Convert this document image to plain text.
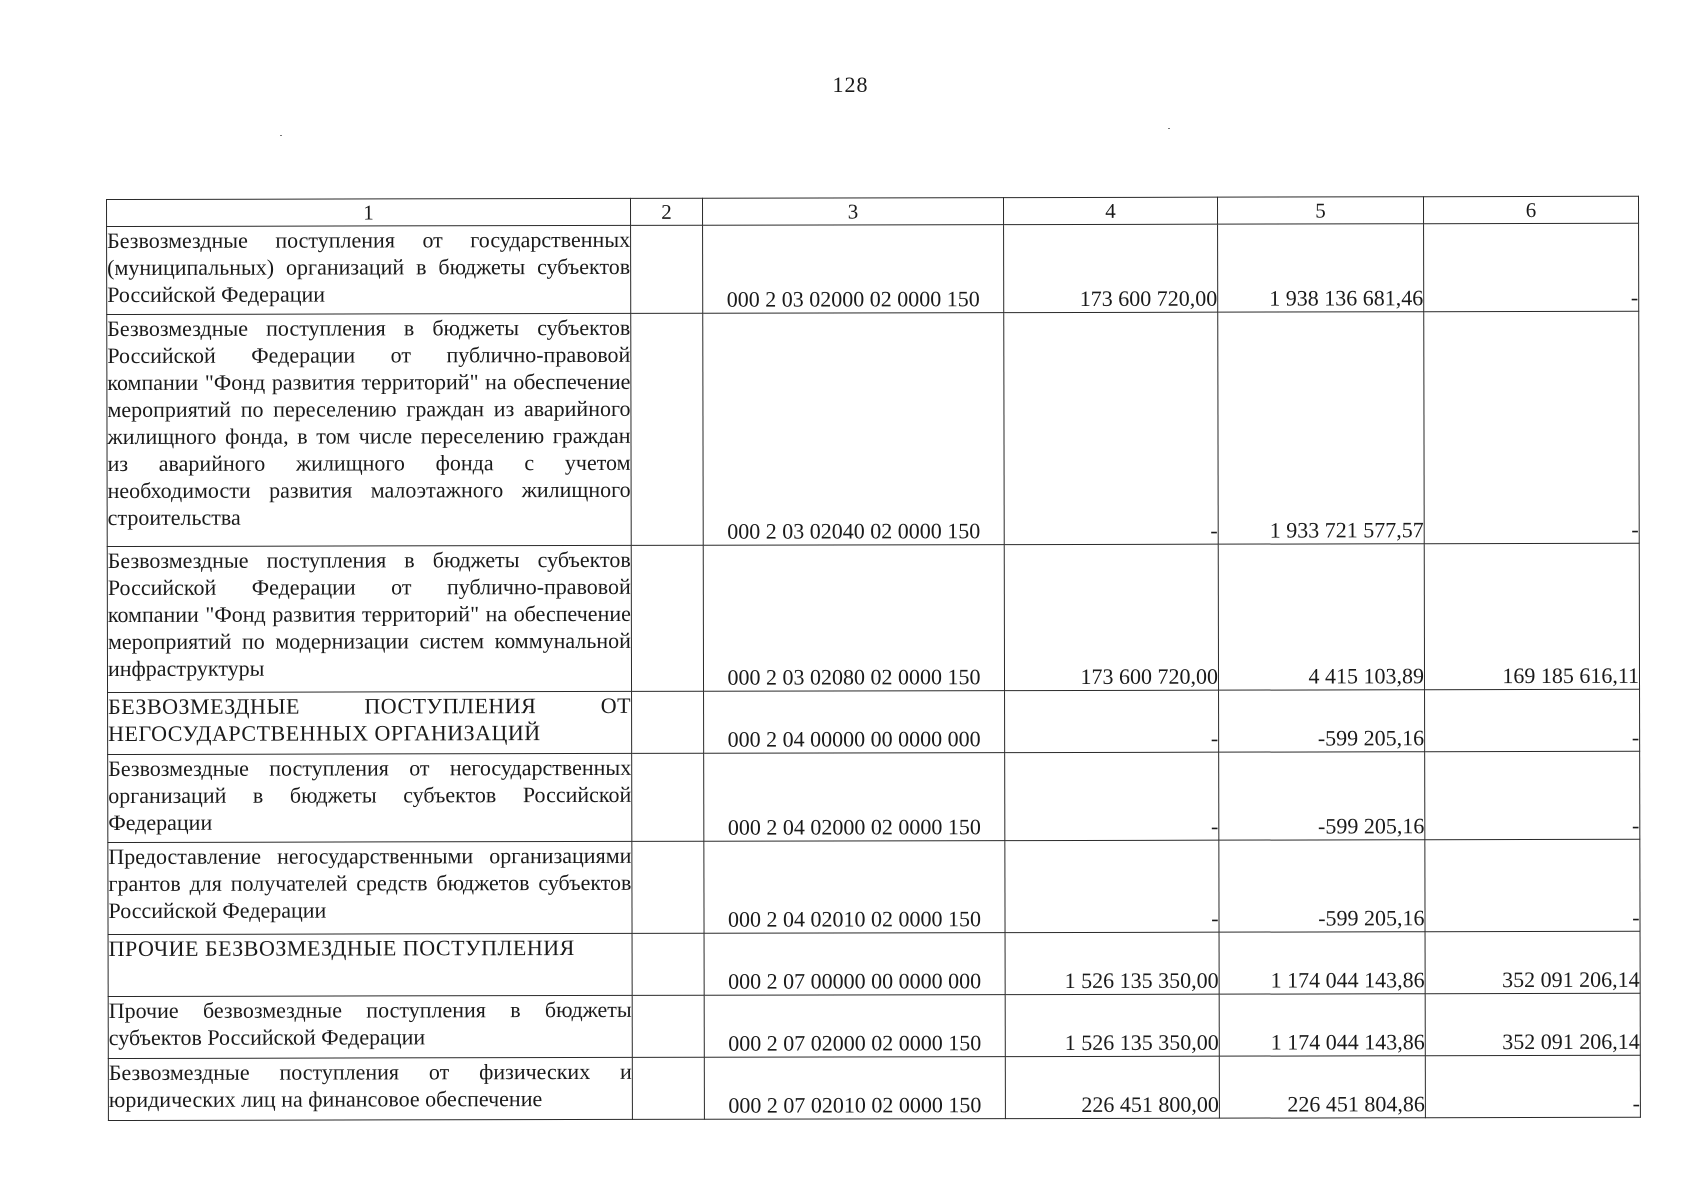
128
1	2	3	4	5	6
Безвозмездные поступления от государственных (муниципальных) организаций в бюджеты субъектов Российской Федерации		000 2 03 02000 02 0000 150	173 600 720,00	1 938 136 681,46	-
Безвозмездные поступления в бюджеты субъектов Российской Федерации от публично-правовой компании "Фонд развития территорий" на обеспечение мероприятий по переселению граждан из аварийного жилищного фонда, в том числе переселению граждан из аварийного жилищного фонда с учетом необходимости развития малоэтажного жилищного строительства		000 2 03 02040 02 0000 150	-	1 933 721 577,57	-
Безвозмездные поступления в бюджеты субъектов Российской Федерации от публично-правовой компании "Фонд развития территорий" на обеспечение мероприятий по модернизации систем коммунальной инфраструктуры		000 2 03 02080 02 0000 150	173 600 720,00	4 415 103,89	169 185 616,11
БЕЗВОЗМЕЗДНЫЕ ПОСТУПЛЕНИЯ ОТ НЕГОСУДАРСТВЕННЫХ ОРГАНИЗАЦИЙ		000 2 04 00000 00 0000 000	-	-599 205,16	-
Безвозмездные поступления от негосударственных организаций в бюджеты субъектов Российской Федерации		000 2 04 02000 02 0000 150	-	-599 205,16	-
Предоставление негосударственными организациями грантов для получателей средств бюджетов субъектов Российской Федерации		000 2 04 02010 02 0000 150	-	-599 205,16	-
ПРОЧИЕ БЕЗВОЗМЕЗДНЫЕ ПОСТУПЛЕНИЯ		000 2 07 00000 00 0000 000	1 526 135 350,00	1 174 044 143,86	352 091 206,14
Прочие безвозмездные поступления в бюджеты субъектов Российской Федерации		000 2 07 02000 02 0000 150	1 526 135 350,00	1 174 044 143,86	352 091 206,14
Безвозмездные поступления от физических и юридических лиц на финансовое обеспечение		000 2 07 02010 02 0000 150	226 451 800,00	226 451 804,86	-
